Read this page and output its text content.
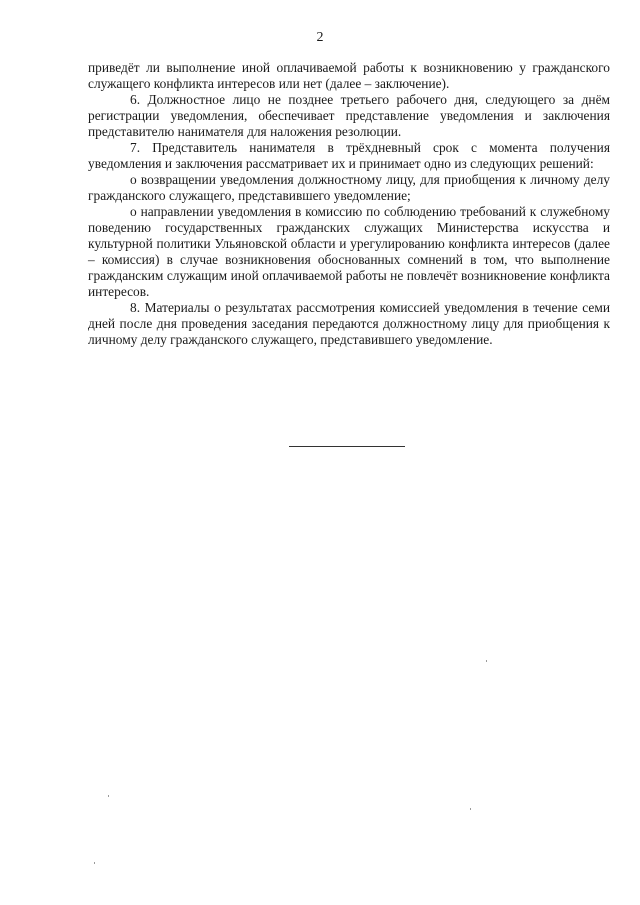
2

приведёт ли выполнение иной оплачиваемой работы к возникновению у гражданского служащего конфликта интересов или нет (далее – заключение).

6. Должностное лицо не позднее третьего рабочего дня, следующего за днём регистрации уведомления, обеспечивает представление уведомления и заключения представителю нанимателя для наложения резолюции.

7. Представитель нанимателя в трёхдневный срок с момента получения уведомления и заключения рассматривает их и принимает одно из следующих решений:

о возвращении уведомления должностному лицу, для приобщения к личному делу гражданского служащего, представившего уведомление;

о направлении уведомления в комиссию по соблюдению требований к служебному поведению государственных гражданских служащих Министерства искусства и культурной политики Ульяновской области и урегулированию конфликта интересов (далее – комиссия) в случае возникновения обоснованных сомнений в том, что выполнение гражданским служащим иной оплачиваемой работы не повлечёт возникновение конфликта интересов.

8. Материалы о результатах рассмотрения комиссией уведомления в течение семи дней после дня проведения заседания передаются должностному лицу для приобщения к личному делу гражданского служащего, представившего уведомление.
